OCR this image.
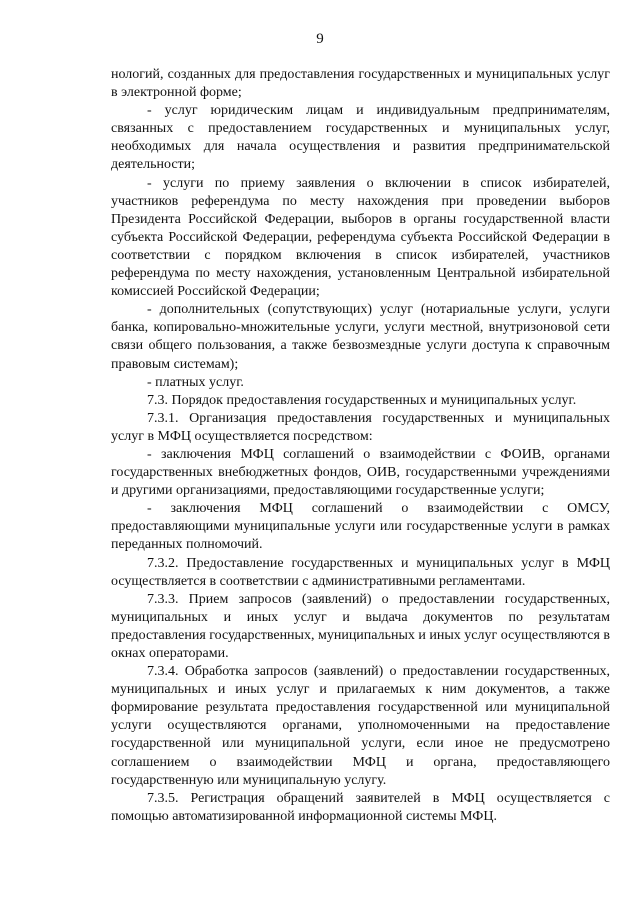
9

нологий, созданных для предоставления государственных и муниципальных услуг в электронной форме;

- услуг юридическим лицам и индивидуальным предпринимателям, связанных с предоставлением государственных и муниципальных услуг, необходимых для начала осуществления и развития предпринимательской деятельности;

- услуги по приему заявления о включении в список избирателей, участников референдума по месту нахождения при проведении выборов Президента Российской Федерации, выборов в органы государственной власти субъекта Российской Федерации, референдума субъекта Российской Федерации в соответствии с порядком включения в список избирателей, участников референдума по месту нахождения, установленным Центральной избирательной комиссией Российской Федерации;

- дополнительных (сопутствующих) услуг (нотариальные услуги, услуги банка, копировально-множительные услуги, услуги местной, внутризоновой сети связи общего пользования, а также безвозмездные услуги доступа к справочным правовым системам);

- платных услуг.

7.3. Порядок предоставления государственных и муниципальных услуг.

7.3.1. Организация предоставления государственных и муниципальных услуг в МФЦ осуществляется посредством:

- заключения МФЦ соглашений о взаимодействии с ФОИВ, органами государственных внебюджетных фондов, ОИВ, государственными учреждениями и другими организациями, предоставляющими государственные услуги;

- заключения МФЦ соглашений о взаимодействии с ОМСУ, предоставляющими муниципальные услуги или государственные услуги в рамках переданных полномочий.

7.3.2. Предоставление государственных и муниципальных услуг в МФЦ осуществляется в соответствии с административными регламентами.

7.3.3. Прием запросов (заявлений) о предоставлении государственных, муниципальных и иных услуг и выдача документов по результатам предоставления государственных, муниципальных и иных услуг осуществляются в окнах операторами.

7.3.4. Обработка запросов (заявлений) о предоставлении государственных, муниципальных и иных услуг и прилагаемых к ним документов, а также формирование результата предоставления государственной или муниципальной услуги осуществляются органами, уполномоченными на предоставление государственной или муниципальной услуги, если иное не предусмотрено соглашением о взаимодействии МФЦ и органа, предоставляющего государственную или муниципальную услугу.

7.3.5. Регистрация обращений заявителей в МФЦ осуществляется с помощью автоматизированной информационной системы МФЦ.
